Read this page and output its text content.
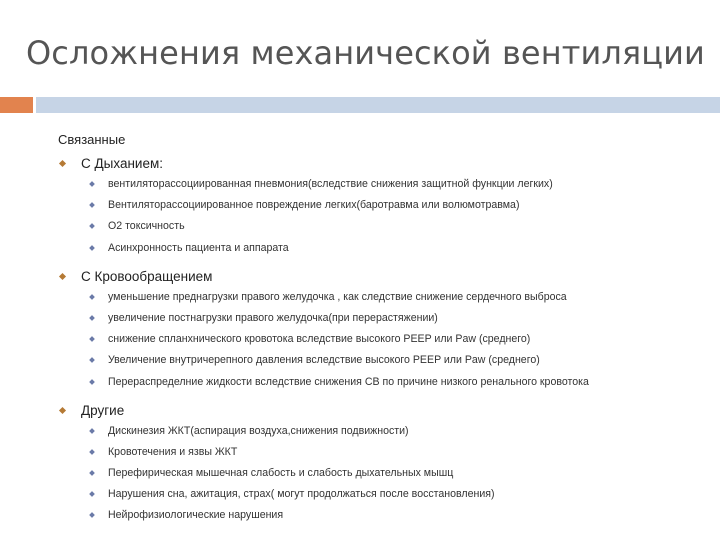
Осложнения механической вентиляции
Связанные
С Дыханием:
вентиляторассоциированная пневмония(вследствие снижения защитной функции легких)
Вентиляторассоциированное повреждение легких(баротравма или волюмотравма)
О2 токсичность
Асинхронность пациента и аппарата
С Кровообращением
уменьшение преднагрузки правого желудочка , как следствие снижение сердечного выброса
увеличение постнагрузки правого желудочка(при перерастяжении)
снижение спланхнического кровотока вследствие высокого PEEP или Paw (среднего)
Увеличение внутричерепного давления вследствие высокого PEEP или Paw (среднего)
Перераспределние жидкости вследствие снижения СВ по причине низкого ренального кровотока
Другие
Дискинезия ЖКТ(аспирация воздуха,снижения подвижности)
Кровотечения и язвы ЖКТ
Перефирическая мышечная слабость и слабость дыхательных мышц
Нарушения сна, ажитация, страх( могут продолжаться после восстановления)
Нейрофизиологические нарушения
